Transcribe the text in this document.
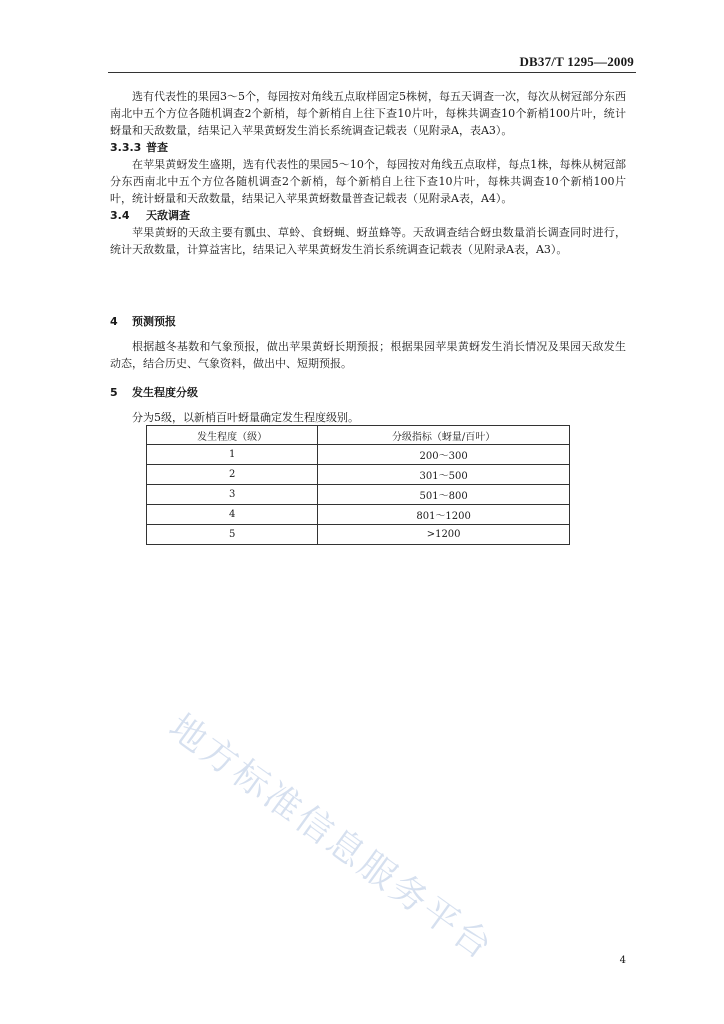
DB37/T 1295—2009

选有代表性的果园3～5个，每园按对角线五点取样固定5株树，每五天调查一次，每次从树冠部分东西南北中五个方位各随机调查2个新梢，每个新梢自上往下查10片叶，每株共调查10个新梢100片叶，统计蚜量和天敌数量，结果记入苹果黄蚜发生消长系统调查记载表（见附录A，表A3）。

3.3.3 普查

在苹果黄蚜发生盛期，选有代表性的果园5～10个，每园按对角线五点取样，每点1株，每株从树冠部分东西南北中五个方位各随机调查2个新梢，每个新梢自上往下查10片叶，每株共调查10个新梢100片叶，统计蚜量和天敌数量，结果记入苹果黄蚜数量普查记载表（见附录A表，A4）。

3.4 天敌调查

苹果黄蚜的天敌主要有瓢虫、草蛉、食蚜蝇、蚜茧蜂等。天敌调查结合蚜虫数量消长调查同时进行，统计天敌数量，计算益害比，结果记入苹果黄蚜发生消长系统调查记载表（见附录A表，A3）。

4 预测预报

根据越冬基数和气象预报，做出苹果黄蚜长期预报；根据果园苹果黄蚜发生消长情况及果园天敌发生动态，结合历史、气象资料，做出中、短期预报。

5 发生程度分级

分为5级，以新梢百叶蚜量确定发生程度级别。

发生程度（级）	分级指标（蚜量/百叶）
1	200～300
2	301～500
3	501～800
4	801～1200
5	>1200
地方标准信息服务平台	4
